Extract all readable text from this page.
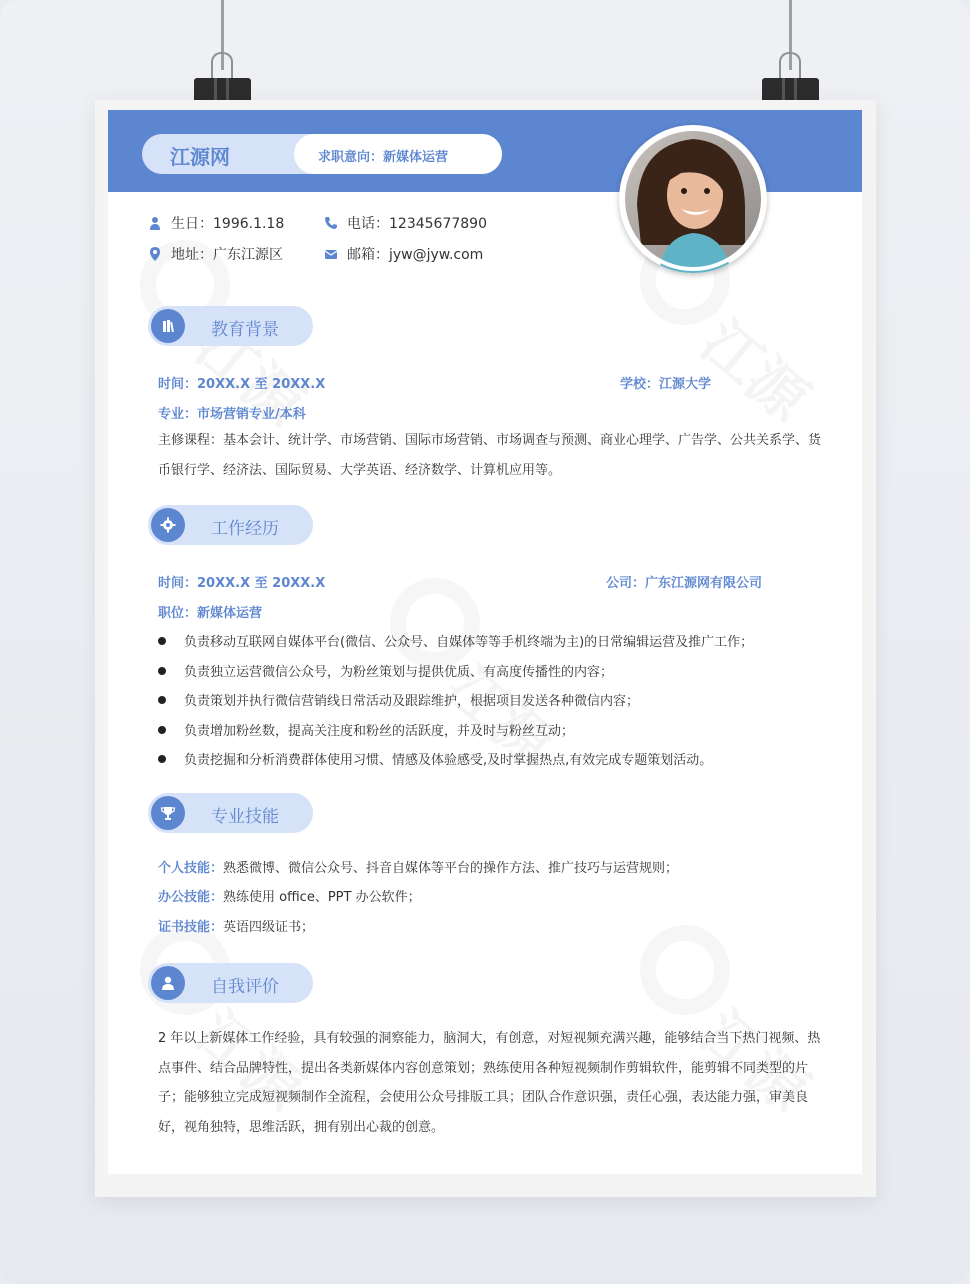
江源网	求职意向：新媒体运营
生日：1996.1.18	电话：12345677890
地址：广东江源区	邮箱：jyw@jyw.com
教育背景
时间：20XX.X 至 20XX.X	学校：江源大学
专业：市场营销专业/本科
主修课程：基本会计、统计学、市场营销、国际市场营销、市场调查与预测、商业心理学、广告学、公共关系学、货币银行学、经济法、国际贸易、大学英语、经济数学、计算机应用等。
工作经历
时间：20XX.X 至 20XX.X	公司：广东江源网有限公司
职位：新媒体运营
负责移动互联网自媒体平台(微信、公众号、自媒体等等手机终端为主)的日常编辑运营及推广工作；
负责独立运营微信公众号，为粉丝策划与提供优质、有高度传播性的内容；
负责策划并执行微信营销线日常活动及跟踪维护，根据项目发送各种微信内容；
负责增加粉丝数，提高关注度和粉丝的活跃度，并及时与粉丝互动；
负责挖掘和分析消费群体使用习惯、情感及体验感受,及时掌握热点,有效完成专题策划活动。
专业技能
个人技能：熟悉微博、微信公众号、抖音自媒体等平台的操作方法、推广技巧与运营规则；
办公技能：熟练使用 office、PPT 办公软件；
证书技能：英语四级证书；
自我评价
2 年以上新媒体工作经验，具有较强的洞察能力，脑洞大，有创意，对短视频充满兴趣，能够结合当下热门视频、热点事件、结合品牌特性，提出各类新媒体内容创意策划；熟练使用各种短视频制作剪辑软件，能剪辑不同类型的片子；能够独立完成短视频制作全流程，会使用公众号排版工具；团队合作意识强，责任心强，表达能力强，审美良好，视角独特，思维活跃，拥有别出心裁的创意。
